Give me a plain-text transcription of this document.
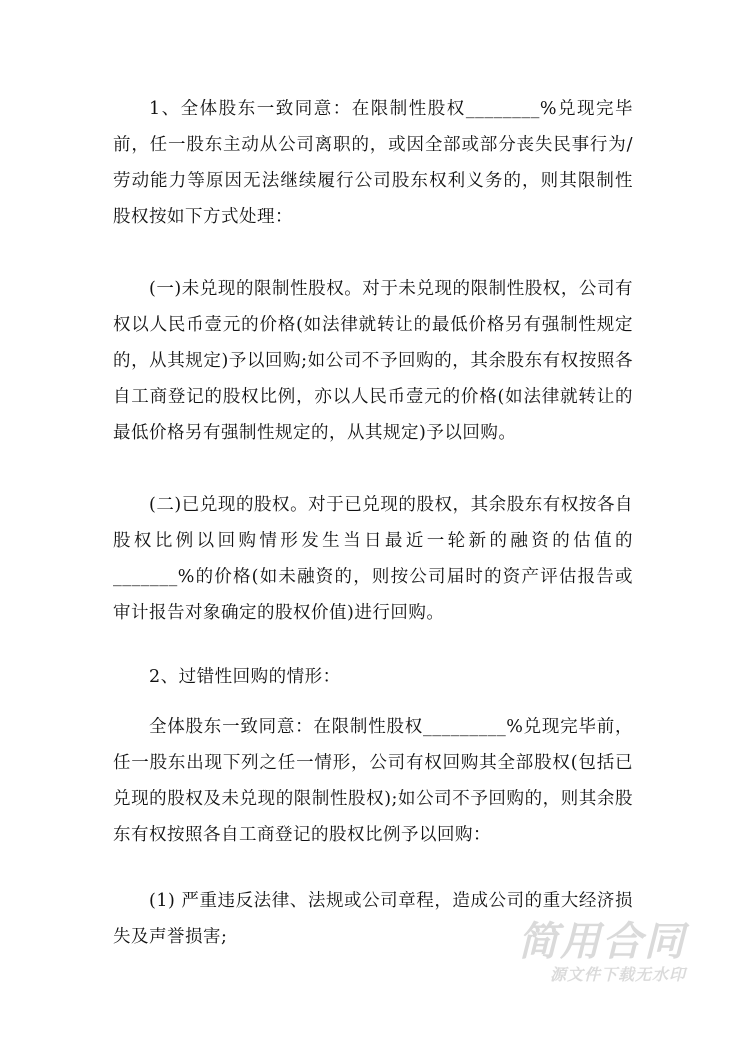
1、全体股东一致同意：在限制性股权________%兑现完毕前，任一股东主动从公司离职的，或因全部或部分丧失民事行为/劳动能力等原因无法继续履行公司股东权利义务的，则其限制性股权按如下方式处理：

(一)未兑现的限制性股权。对于未兑现的限制性股权，公司有权以人民币壹元的价格(如法律就转让的最低价格另有强制性规定的，从其规定)予以回购;如公司不予回购的，其余股东有权按照各自工商登记的股权比例，亦以人民币壹元的价格(如法律就转让的最低价格另有强制性规定的，从其规定)予以回购。

(二)已兑现的股权。对于已兑现的股权，其余股东有权按各自股权比例以回购情形发生当日最近一轮新的融资的估值的_______%的价格(如未融资的，则按公司届时的资产评估报告或审计报告对象确定的股权价值)进行回购。

2、过错性回购的情形：

全体股东一致同意：在限制性股权_________%兑现完毕前，任一股东出现下列之任一情形，公司有权回购其全部股权(包括已兑现的股权及未兑现的限制性股权);如公司不予回购的，则其余股东有权按照各自工商登记的股权比例予以回购：

(1) 严重违反法律、法规或公司章程，造成公司的重大经济损失及声誉损害;	简用合同
源文件下载无水印
